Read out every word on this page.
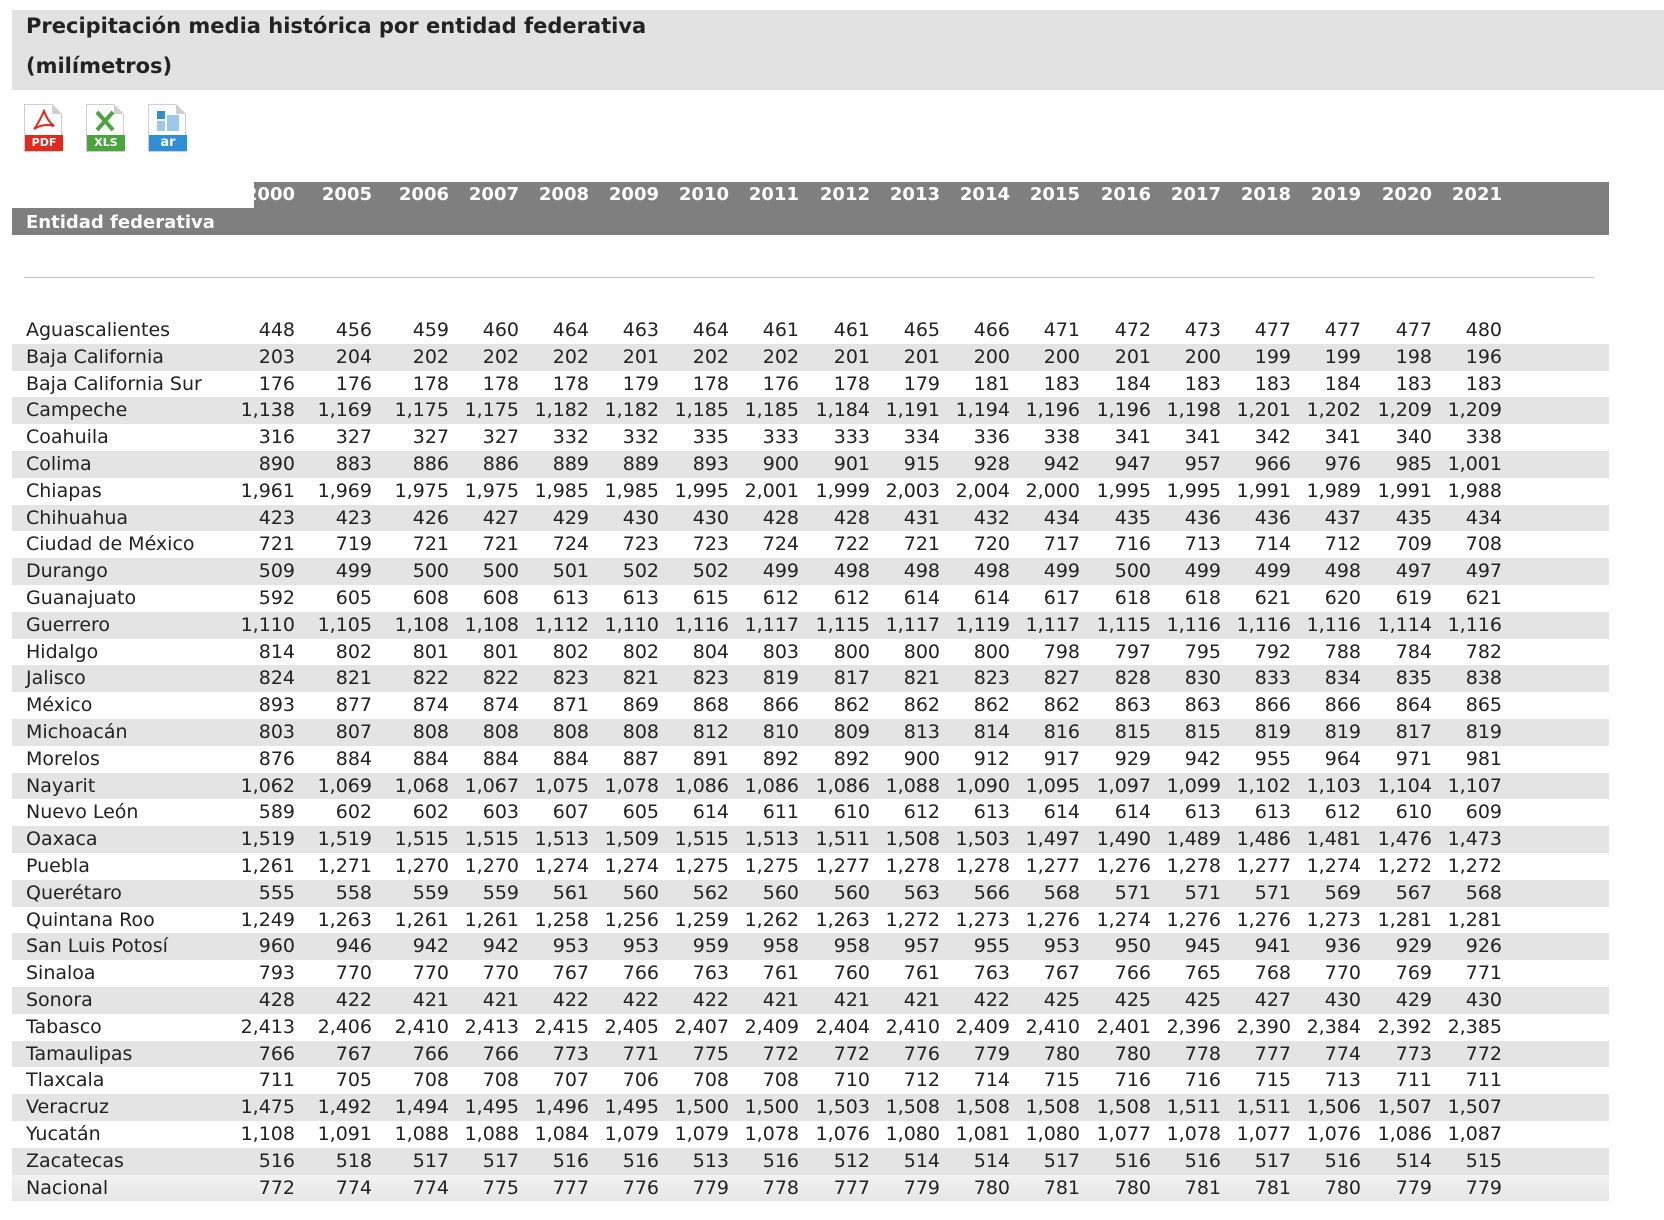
Precipitación media histórica por entidad federativa
(milímetros)
PDF	XLS	ar
Entidad federativa
2000	2005	2006	2007	2008	2009	2010	2011	2012	2013	2014	2015	2016	2017	2018	2019	2020	2021
Aguascalientes	448	456	459	460	464	463	464	461	461	465	466	471	472	473	477	477	477	480
Baja California	203	204	202	202	202	201	202	202	201	201	200	200	201	200	199	199	198	196
Baja California Sur	176	176	178	178	178	179	178	176	178	179	181	183	184	183	183	184	183	183
Campeche	1,138	1,169	1,175 1,175 1,182 1,182 1,185 1,185 1,184 1,191 1,194 1,196 1,196 1,198 1,201 1,202 1,209 1,209
Coahuila	316	327	327	327	332	332	335	333	333	334	336	338	341	341	342	341	340	338
Colima	890	883	886	886	889	889	893	900	901	915	928	942	947	957	966	976	985 1,001
Chiapas	1,961	1,969	1,975 1,975 1,985 1,985 1,995 2,001 1,999 2,003 2,004 2,000 1,995 1,995 1,991 1,989 1,991 1,988
Chihuahua	423	423	426	427	429	430	430	428	428	431	432	434	435	436	436	437	435	434
Ciudad de México	721	719	721	721	724	723	723	724	722	721	720	717	716	713	714	712	709	708
Durango	509	499	500	500	501	502	502	499	498	498	498	499	500	499	499	498	497	497
Guanajuato	592	605	608	608	613	613	615	612	612	614	614	617	618	618	621	620	619	621
Guerrero	1,110	1,105	1,108 1,108 1,112 1,110 1,116 1,117 1,115 1,117 1,119 1,117 1,115 1,116 1,116 1,116 1,114 1,116
Hidalgo	814	802	801	801	802	802	804	803	800	800	800	798	797	795	792	788	784	782
Jalisco	824	821	822	822	823	821	823	819	817	821	823	827	828	830	833	834	835	838
México	893	877	874	874	871	869	868	866	862	862	862	862	863	863	866	866	864	865
Michoacán	803	807	808	808	808	808	812	810	809	813	814	816	815	815	819	819	817	819
Morelos	876	884	884	884	884	887	891	892	892	900	912	917	929	942	955	964	971	981
Nayarit	1,062	1,069	1,068 1,067 1,075 1,078 1,086 1,086 1,086 1,088 1,090 1,095 1,097 1,099 1,102 1,103 1,104 1,107
Nuevo León	589	602	602	603	607	605	614	611	610	612	613	614	614	613	613	612	610	609
Oaxaca	1,519	1,519	1,515 1,515 1,513 1,509 1,515 1,513 1,511 1,508 1,503 1,497 1,490 1,489 1,486 1,481 1,476 1,473
Puebla	1,261	1,271	1,270 1,270 1,274 1,274 1,275 1,275 1,277 1,278 1,278 1,277 1,276 1,278 1,277 1,274 1,272 1,272
Querétaro	555	558	559	559	561	560	562	560	560	563	566	568	571	571	571	569	567	568
Quintana Roo	1,249	1,263	1,261 1,261 1,258 1,256 1,259 1,262 1,263 1,272 1,273 1,276 1,274 1,276 1,276 1,273 1,281 1,281
San Luis Potosí	960	946	942	942	953	953	959	958	958	957	955	953	950	945	941	936	929	926
Sinaloa	793	770	770	770	767	766	763	761	760	761	763	767	766	765	768	770	769	771
Sonora	428	422	421	421	422	422	422	421	421	421	422	425	425	425	427	430	429	430
Tabasco	2,413	2,406	2,410 2,413 2,415 2,405 2,407 2,409 2,404 2,410 2,409 2,410 2,401 2,396 2,390 2,384 2,392 2,385
Tamaulipas	766	767	766	766	773	771	775	772	772	776	779	780	780	778	777	774	773	772
Tlaxcala	711	705	708	708	707	706	708	708	710	712	714	715	716	716	715	713	711	711
Veracruz	1,475	1,492	1,494 1,495 1,496 1,495 1,500 1,500 1,503 1,508 1,508 1,508 1,508 1,511 1,511 1,506 1,507 1,507
Yucatán	1,108	1,091	1,088 1,088 1,084 1,079 1,079 1,078 1,076 1,080 1,081 1,080 1,077 1,078 1,077 1,076 1,086 1,087
Zacatecas	516	518	517	517	516	516	513	516	512	514	514	517	516	516	517	516	514	515
Nacional	772	774	774	775	777	776	779	778	777	779	780	781	780	781	781	780	779	779
